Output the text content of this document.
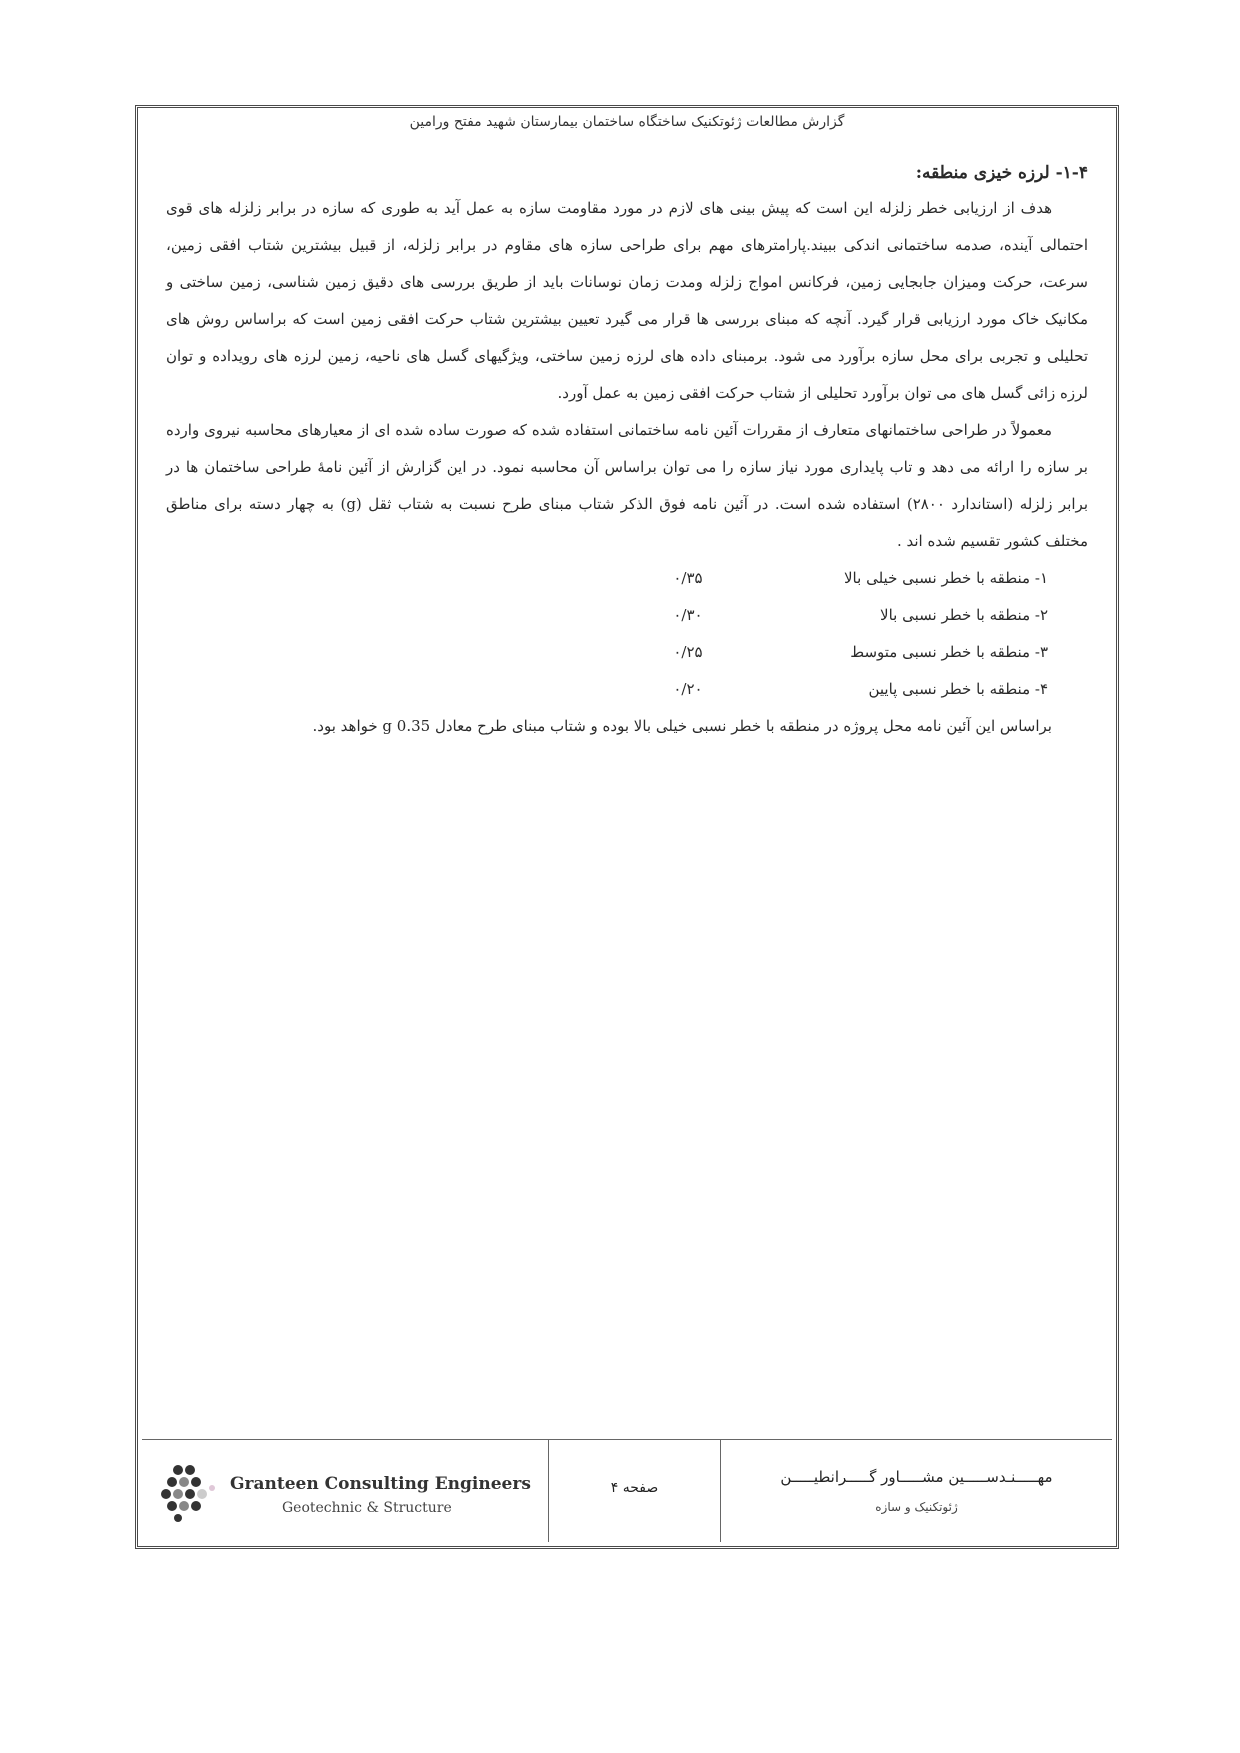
گزارش مطالعات ژئوتکنیک ساختگاه ساختمان بیمارستان شهید مفتح ورامین

۱-۴- لرزه خیزی منطقه:

هدف از ارزیابی خطر زلزله این است که پیش بینی های لازم در مورد مقاومت سازه به عمل آید به طوری که سازه در برابر زلزله های قوی احتمالی آینده، صدمه ساختمانی اندکی ببیند.پارامترهای مهم برای طراحی سازه های مقاوم در برابر زلزله، از قبیل بیشترین شتاب افقی زمین، سرعت، حرکت ومیزان جابجایی زمین، فرکانس امواج زلزله ومدت زمان نوسانات باید از طریق بررسی های دقیق زمین شناسی، زمین ساختی و مکانیک خاک مورد ارزیابی قرار گیرد. آنچه که مبنای بررسی ها قرار می گیرد تعیین بیشترین شتاب حرکت افقی زمین است که براساس روش های تحلیلی و تجربی برای محل سازه برآورد می شود. برمبنای داده های لرزه زمین ساختی، ویژگیهای گسل های ناحیه، زمین لرزه های رویداده و توان لرزه زائی گسل های می توان برآورد تحلیلی از شتاب حرکت افقی زمین به عمل آورد.

معمولاً در طراحی ساختمانهای متعارف از مقررات آئین نامه ساختمانی استفاده شده که صورت ساده شده ای از معیارهای محاسبه نیروی وارده بر سازه را ارائه می دهد و تاب پایداری مورد نیاز سازه را می توان براساس آن محاسبه نمود. در این گزارش از آئین نامۀ طراحی ساختمان ها در برابر زلزله (استاندارد ۲۸۰۰) استفاده شده است. در آئین نامه فوق الذکر شتاب مبنای طرح نسبت به شتاب ثقل (g) به چهار دسته برای مناطق مختلف کشور تقسیم شده اند .

۱- منطقه با خطر نسبی خیلی بالا
۰/۳۵
۲- منطقه با خطر نسبی بالا
۰/۳۰
۳- منطقه با خطر نسبی متوسط
۰/۲۵
۴- منطقه با خطر نسبی پایین
۰/۲۰

براساس این آئین نامه محل پروژه در منطقه با خطر نسبی خیلی بالا بوده و شتاب مبنای طرح معادل 0.35 g خواهد بود.

مهـــــنـدســـــین مشـــــاور گـــــرانطیـــــن
ژئوتکنیک و سازه
صفحه ۴
Granteen Consulting Engineers
Geotechnic & Structure
